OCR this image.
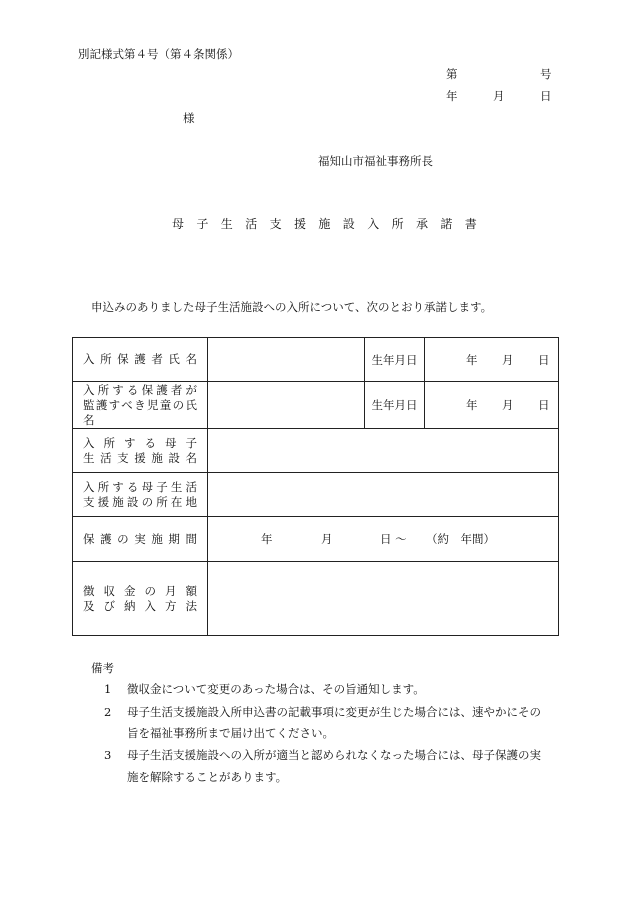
別記様式第４号（第４条関係）
第	号
年	月	日
様
福知山市福祉事務所長
母子生活支援施設入所承諾書
申込みのありました母子生活施設への入所について、次のとおり承諾します。
入所保護者氏名		生年月日	年 月 日

入所する保護者が
監護すべき児童の氏名		生年月日	年 月 日

入所する母子
生活支援施設名			

入所する母子生活
支援施設の所在地			

保護の実施期間	年 月 日 〜 （約　年間）		

徴収金の月額
及び納入方法			

備考
1 徴収金について変更のあった場合は、その旨通知します。
2 母子生活支援施設入所申込書の記載事項に変更が生じた場合には、速やかにその
旨を福祉事務所まで届け出てください。
3 母子生活支援施設への入所が適当と認められなくなった場合には、母子保護の実
施を解除することがあります。
